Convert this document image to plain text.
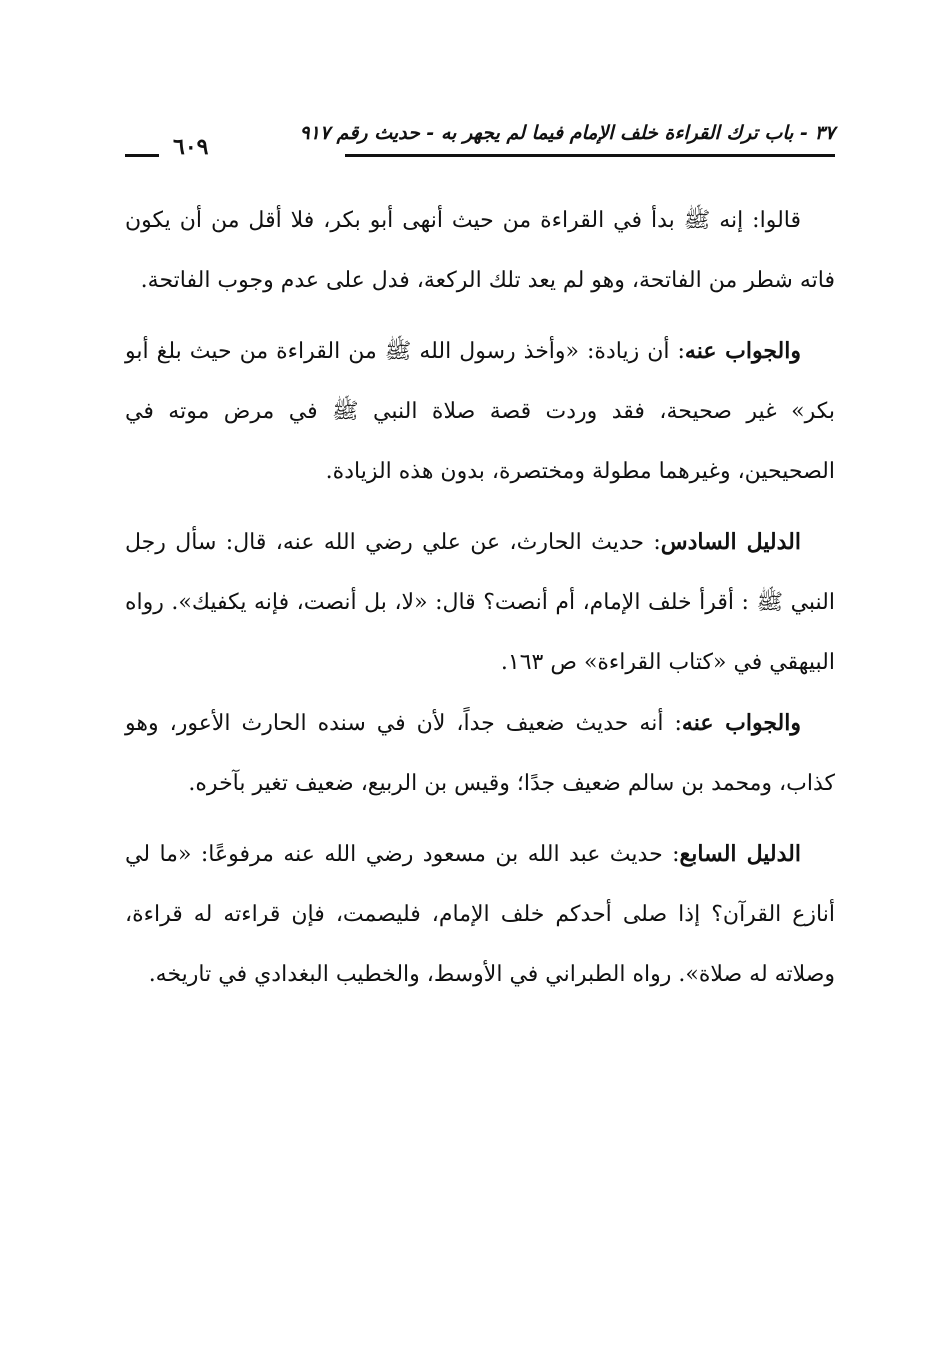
٣٧ - باب ترك القراءة خلف الإمام فيما لم يجهر به - حديث رقم ٩١٧
٦٠٩

قالوا: إنه ﷺ بدأ في القراءة من حيث أنهى أبو بكر، فلا أقل من أن يكون فاته شطر من الفاتحة، وهو لم يعد تلك الركعة، فدل على عدم وجوب الفاتحة.

والجواب عنه: أن زيادة: «وأخذ رسول الله ﷺ من القراءة من حيث بلغ أبو بكر» غير صحيحة، فقد وردت قصة صلاة النبي ﷺ في مرض موته في الصحيحين، وغيرهما مطولة ومختصرة، بدون هذه الزيادة.

الدليل السادس: حديث الحارث، عن علي رضي الله عنه، قال: سأل رجل النبي ﷺ : أقرأ خلف الإمام، أم أنصت؟ قال: «لا، بل أنصت، فإنه يكفيك». رواه البيهقي في «كتاب القراءة» ص ١٦٣.

والجواب عنه: أنه حديث ضعيف جداً، لأن في سنده الحارث الأعور، وهو كذاب، ومحمد بن سالم ضعيف جدًا؛ وقيس بن الربيع، ضعيف تغير بآخره.

الدليل السابع: حديث عبد الله بن مسعود رضي الله عنه مرفوعًا: «ما لي أنازع القرآن؟ إذا صلى أحدكم خلف الإمام، فليصمت، فإن قراءته له قراءة، وصلاته له صلاة». رواه الطبراني في الأوسط، والخطيب البغدادي في تاريخه.
